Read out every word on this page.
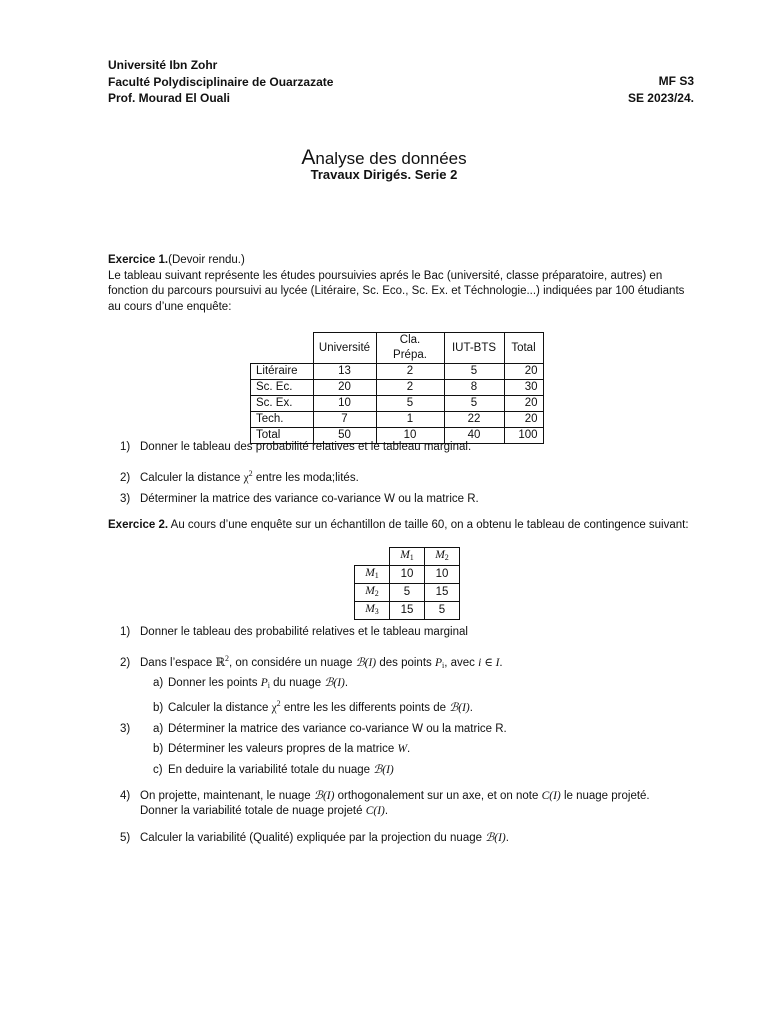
Université Ibn Zohr
Faculté Polydisciplinaire de Ouarzazate
Prof. Mourad El Ouali
MF S3
SE 2023/24.
Analyse des données
Travaux Dirigés. Serie 2
Exercice 1.(Devoir rendu.)
Le tableau suivant représente les études poursuivies aprés le Bac (université, classe préparatoire, autres) en fonction du parcours poursuivi au lycée (Litéraire, Sc. Eco., Sc. Ex. et Téchnologie...) indiquées par 100 étudiants au cours d’une enquête:
	Université	Cla. Prépa.	IUT-BTS	Total
Litéraire	13	2	5	20
Sc. Ec.	20	2	8	30
Sc. Ex.	10	5	5	20
Tech.	7	1	22	20
Total	50	10	40	100
1) Donner le tableau des probabilité relatives et le tableau marginal.
2) Calculer la distance $\chi^2$ entre les moda;lités.
3) Déterminer la matrice des variance co-variance W ou la matrice R.
Exercice 2. Au cours d’une enquête sur un échantillon de taille 60, on a obtenu le tableau de contingence suivant:
	$M_1$	$M_2$
$M_1$	10	10
$M_2$	5	15
$M_3$	15	5
1) Donner le tableau des probabilité relatives et le tableau marginal
2) Dans l’espace ℝ$^2$, on considére un nuage ℬ(I) des points $P_i$, avec i ∈ I.
a) Donner les points $P_i$ du nuage ℬ(I).
b) Calculer la distance $\chi^2$ entre les les differents points de ℬ(I).
3)	a) Déterminer la matrice des variance co-variance W ou la matrice R.
b) Déterminer les valeurs propres de la matrice W.
c) En deduire la variabilité totale du nuage ℬ(I)
4) On projette, maintenant, le nuage ℬ(I) orthogonalement sur un axe, et on note C(I) le nuage projeté.
Donner la variabilité totale de nuage projeté C(I).
5) Calculer la variabilité (Qualité) expliquée par la projection du nuage ℬ(I).
